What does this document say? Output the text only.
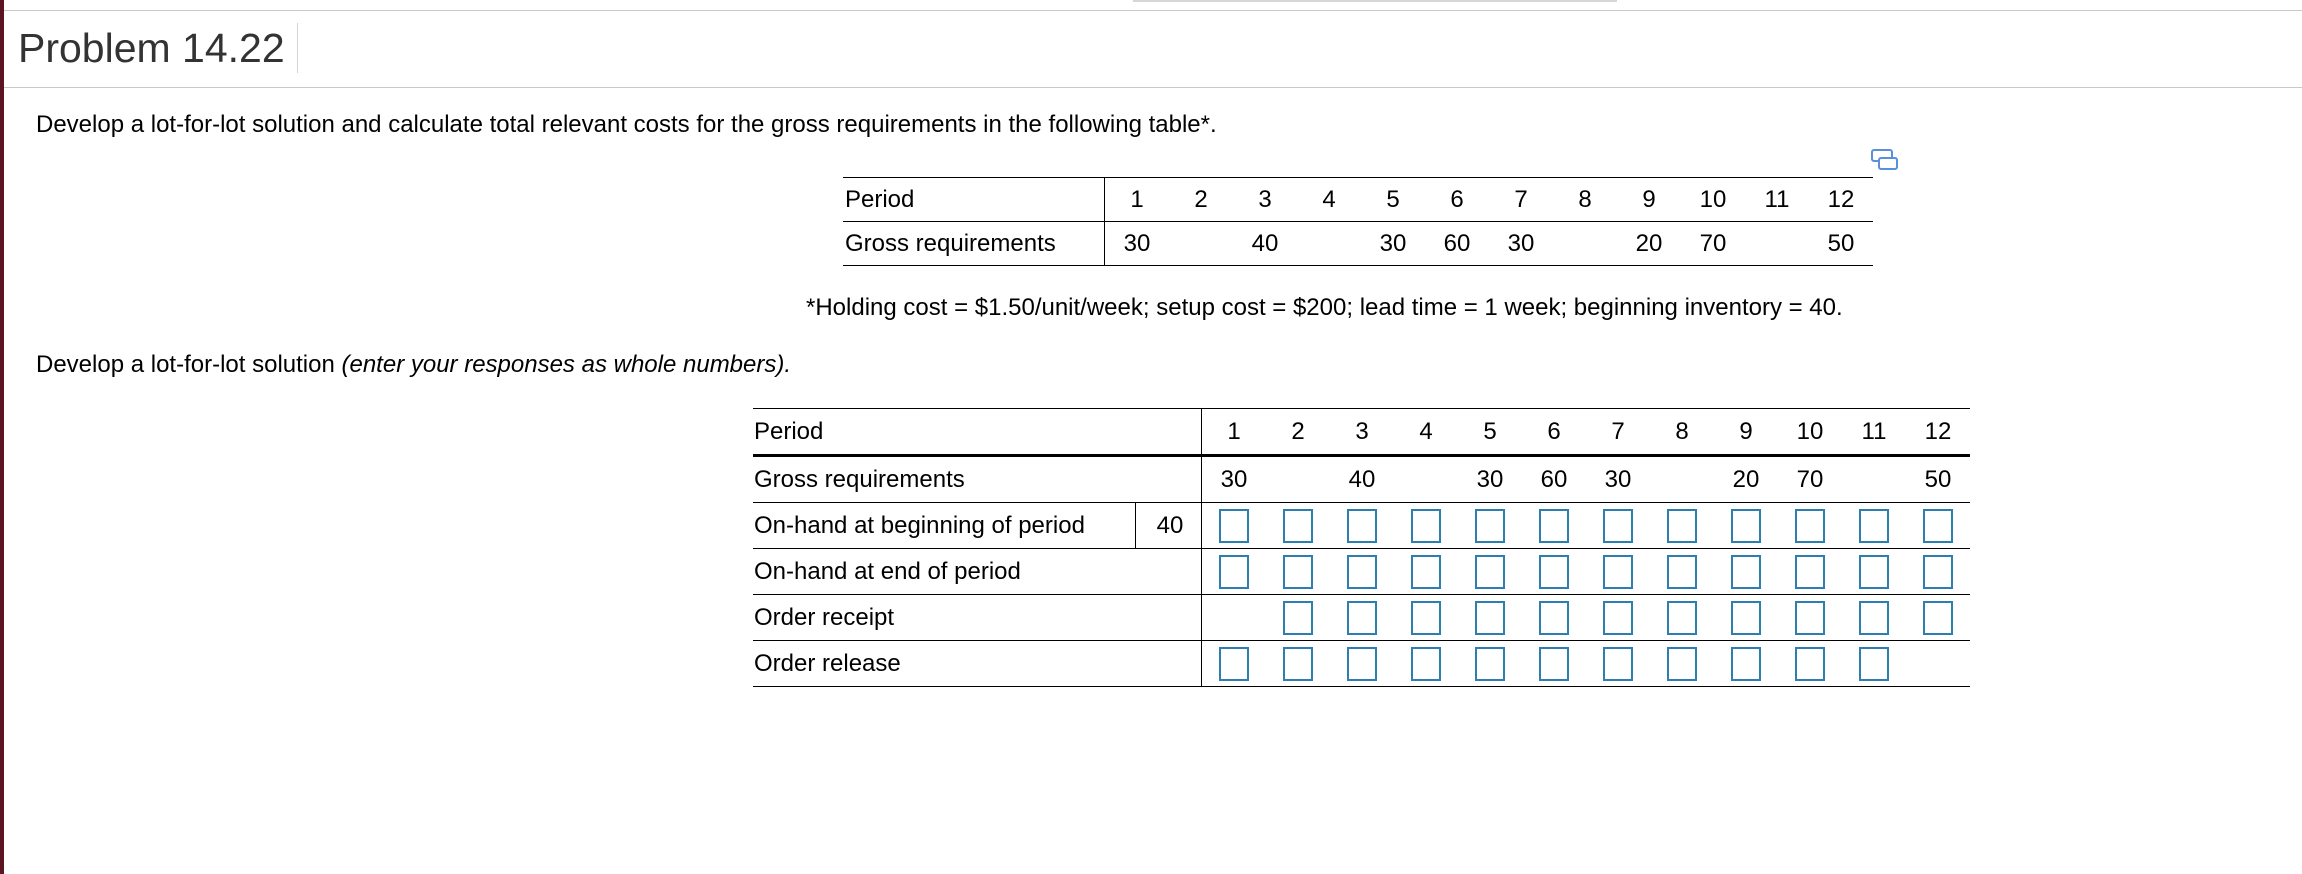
Problem 14.22
Develop a lot-for-lot solution and calculate total relevant costs for the gross requirements in the following table*.
Period	1	2	3	4	5	6	7	8	9	10	11	12
Gross requirements	30		40		30	60	30		20	70		50
*Holding cost = $1.50/unit/week; setup cost = $200; lead time = 1 week; beginning inventory = 40.
Develop a lot-for-lot solution (enter your responses as whole numbers).
Period		1	2	3	4	5	6	7	8	9	10	11	12
Gross requirements		30		40		30	60	30		20	70		50
On-hand at beginning of period	40												
On-hand at end of period													
Order receipt													
Order release													
